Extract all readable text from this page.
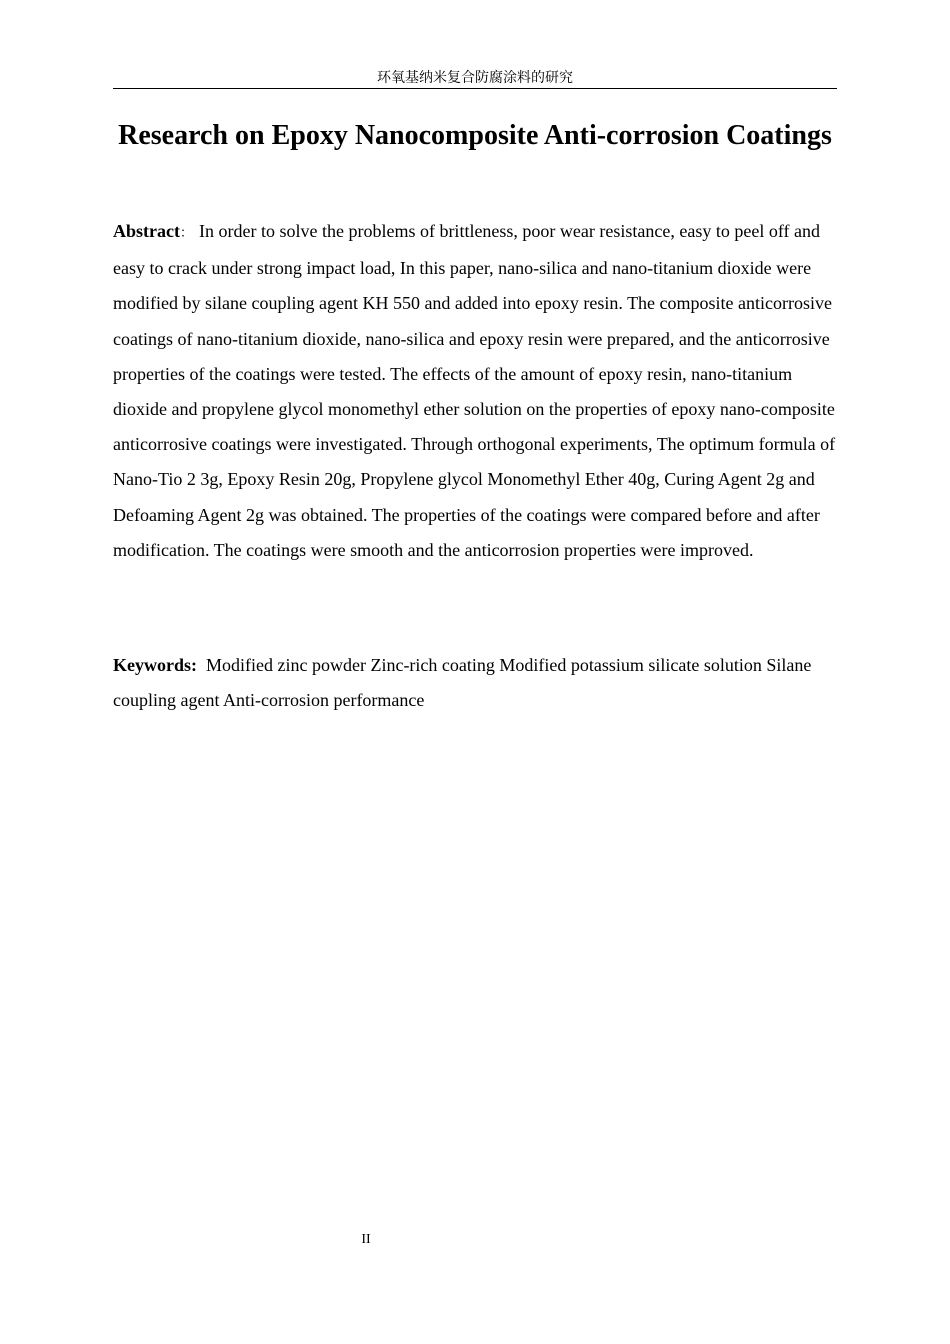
环氧基纳米复合防腐涂料的研究
Research on Epoxy Nanocomposite Anti-corrosion Coatings

Abstract： In order to solve the problems of brittleness, poor wear resistance, easy to peel off and easy to crack under strong impact load, In this paper, nano-silica and nano-titanium dioxide were modified by silane coupling agent KH 550 and added into epoxy resin. The composite anticorrosive coatings of nano-titanium dioxide, nano-silica and epoxy resin were prepared, and the anticorrosive properties of the coatings were tested. The effects of the amount of epoxy resin, nano-titanium dioxide and propylene glycol monomethyl ether solution on the properties of epoxy nano-composite anticorrosive coatings were investigated. Through orthogonal experiments, The optimum formula of Nano-Tio 2 3g, Epoxy Resin 20g, Propylene glycol Monomethyl Ether 40g, Curing Agent 2g and Defoaming Agent 2g was obtained. The properties of the coatings were compared before and after modification. The coatings were smooth and the anticorrosion properties were improved.

Keywords: Modified zinc powder Zinc-rich coating Modified potassium silicate solution Silane coupling agent Anti-corrosion performance

II
